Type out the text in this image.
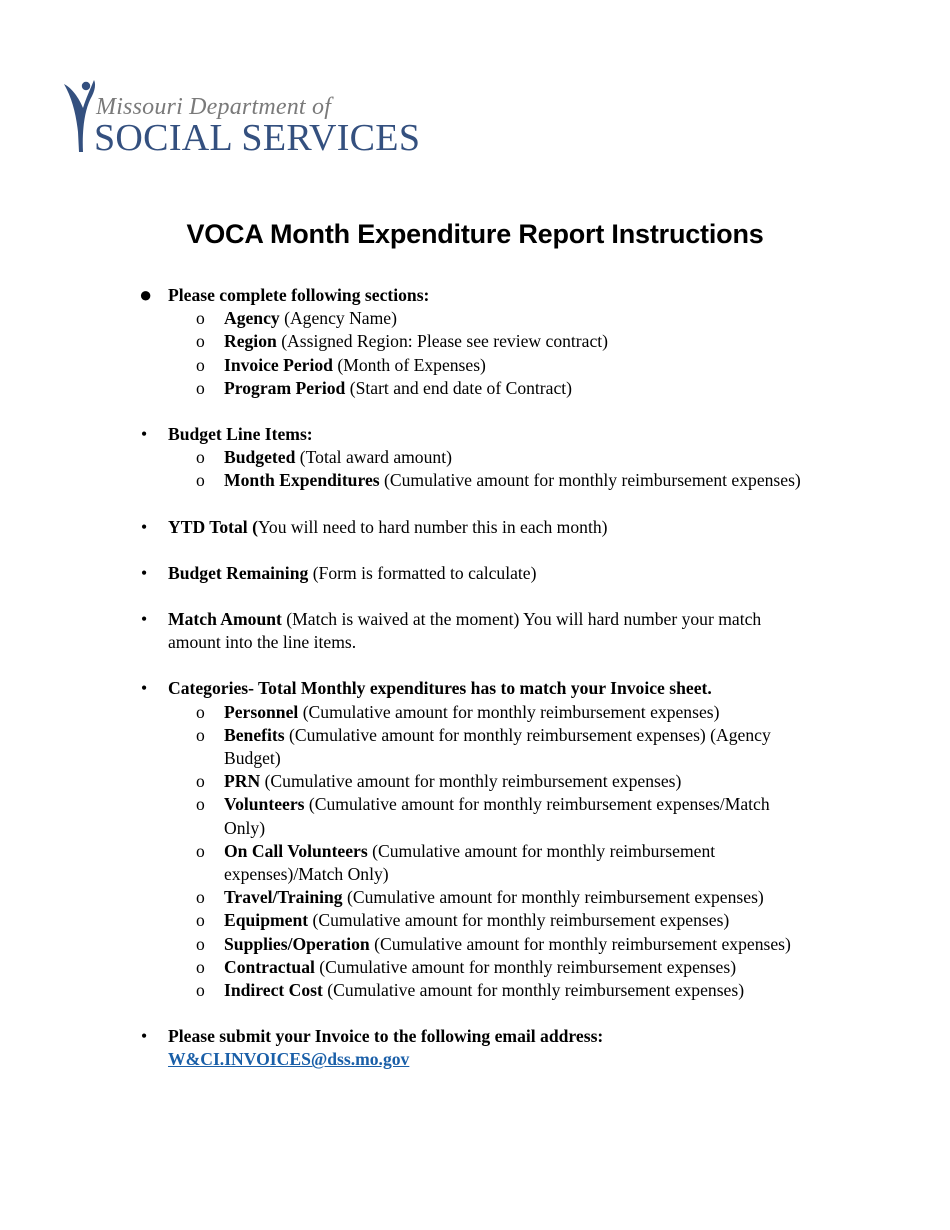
Missouri Department of
SOCIAL SERVICES
VOCA Month Expenditure Report Instructions
● Please complete following sections:
o Agency (Agency Name)
o Region (Assigned Region: Please see review contract)
o Invoice Period (Month of Expenses)
o Program Period (Start and end date of Contract)
• Budget Line Items:
o Budgeted (Total award amount)
o Month Expenditures (Cumulative amount for monthly reimbursement expenses)
• YTD Total (You will need to hard number this in each month)
• Budget Remaining (Form is formatted to calculate)
• Match Amount (Match is waived at the moment) You will hard number your match
amount into the line items.
• Categories- Total Monthly expenditures has to match your Invoice sheet.
o Personnel (Cumulative amount for monthly reimbursement expenses)
o Benefits (Cumulative amount for monthly reimbursement expenses) (Agency
Budget)
o PRN (Cumulative amount for monthly reimbursement expenses)
o Volunteers (Cumulative amount for monthly reimbursement expenses/Match
Only)
o On Call Volunteers (Cumulative amount for monthly reimbursement
expenses)/Match Only)
o Travel/Training (Cumulative amount for monthly reimbursement expenses)
o Equipment (Cumulative amount for monthly reimbursement expenses)
o Supplies/Operation (Cumulative amount for monthly reimbursement expenses)
o Contractual (Cumulative amount for monthly reimbursement expenses)
o Indirect Cost (Cumulative amount for monthly reimbursement expenses)
• Please submit your Invoice to the following email address:
W&CI.INVOICES@dss.mo.gov
